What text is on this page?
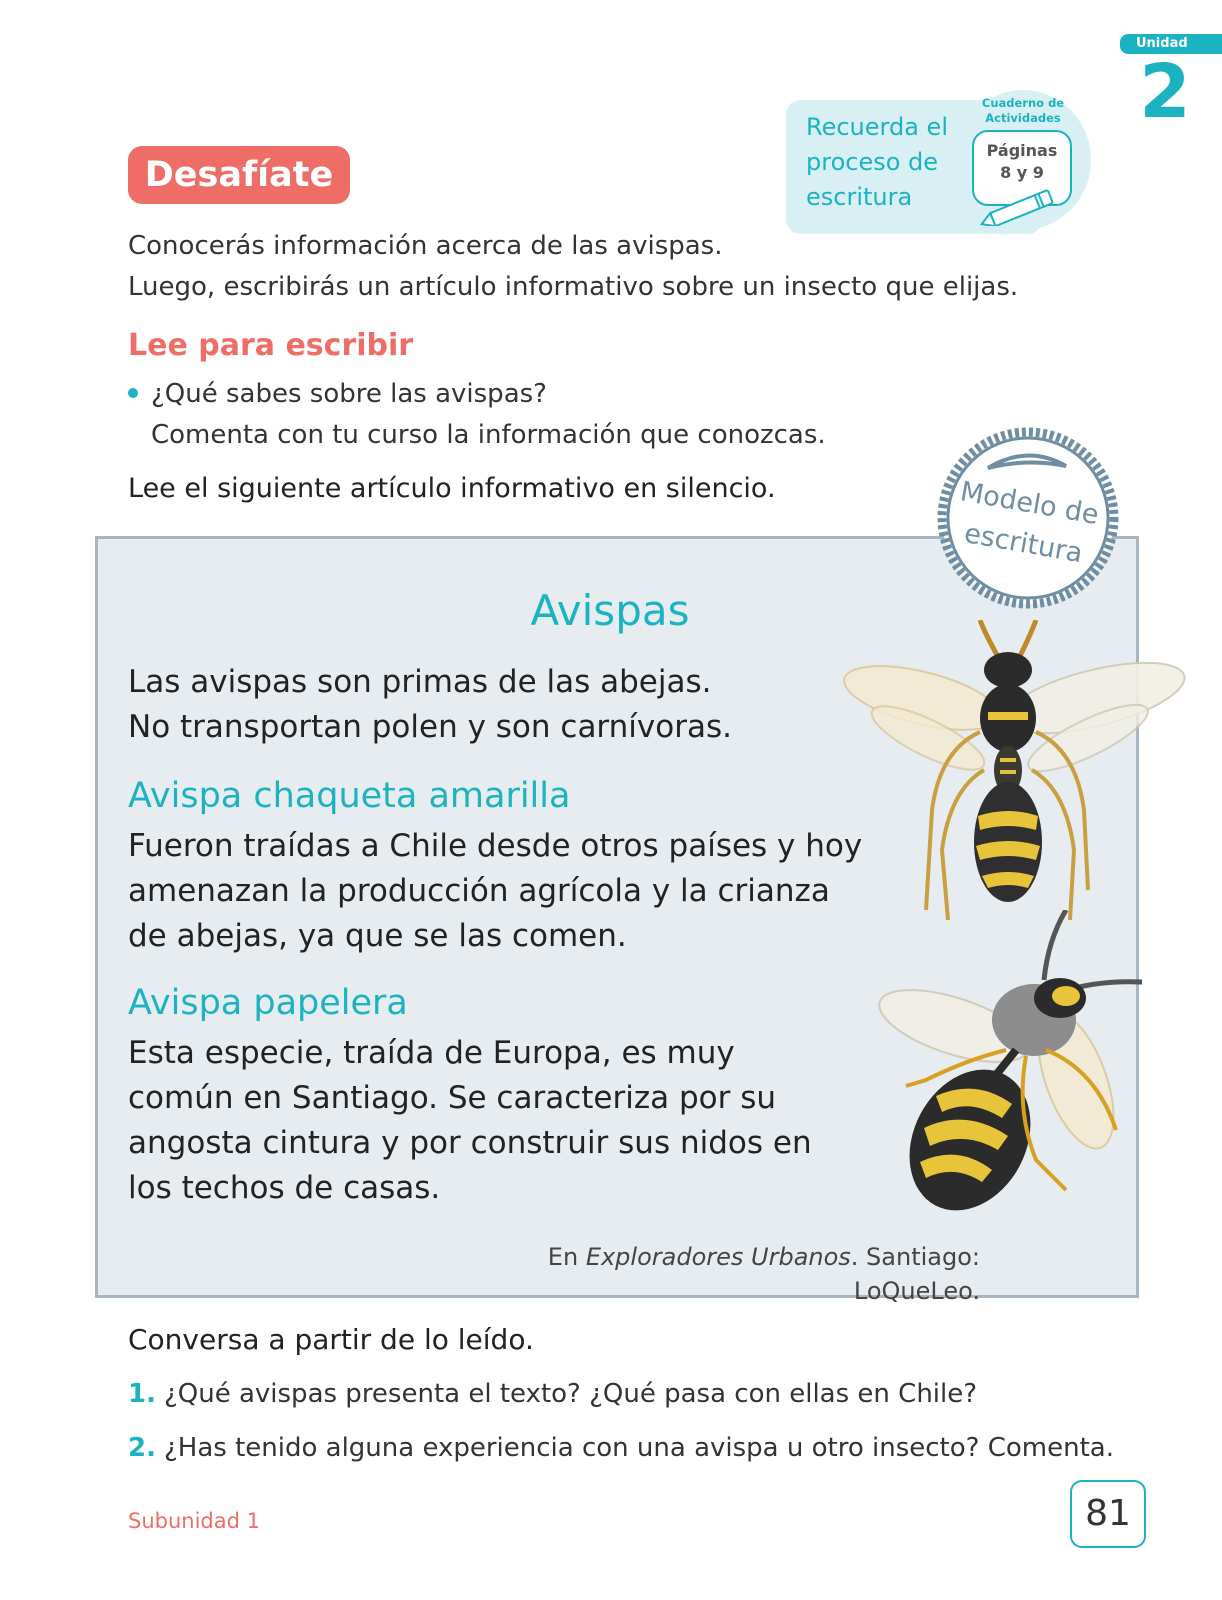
Unidad
2
Recuerda el
proceso de
escritura
Cuaderno de
Actividades
Páginas
8 y 9
Desafíate
Conocerás información acerca de las avispas.
Luego, escribirás un artículo informativo sobre un insecto que elijas.
Lee para escribir
¿Qué sabes sobre las avispas?
Comenta con tu curso la información que conozcas.
Lee el siguiente artículo informativo en silencio.	Modelo de
escritura
Avispas
Las avispas son primas de las abejas.
No transportan polen y son carnívoras.
Avispa chaqueta amarilla
Fueron traídas a Chile desde otros países y hoy
amenazan la producción agrícola y la crianza
de abejas, ya que se las comen.
Avispa papelera
Esta especie, traída de Europa, es muy
común en Santiago. Se caracteriza por su
angosta cintura y por construir sus nidos en
los techos de casas.
En Exploradores Urbanos. Santiago: LoQueLeo.
Conversa a partir de lo leído.
1. ¿Qué avispas presenta el texto? ¿Qué pasa con ellas en Chile?
2. ¿Has tenido alguna experiencia con una avispa u otro insecto? Comenta.
Subunidad 1	81
